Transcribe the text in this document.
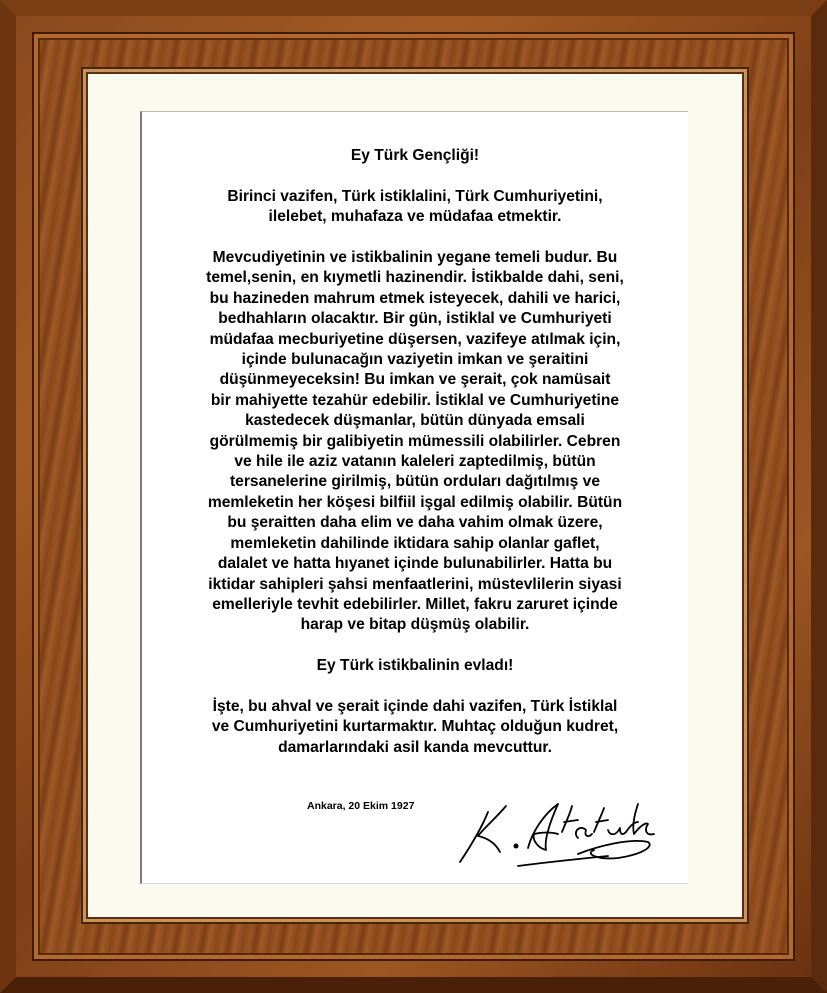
Ey Türk Gençliği!

Birinci vazifen, Türk istiklalini, Türk Cumhuriyetini,
ilelebet, muhafaza ve müdafaa etmektir.

Mevcudiyetinin ve istikbalinin yegane temeli budur. Bu
temel,senin, en kıymetli hazinendir. İstikbalde dahi, seni,
bu hazineden mahrum etmek isteyecek, dahili ve harici,
bedhahların olacaktır. Bir gün, istiklal ve Cumhuriyeti
müdafaa mecburiyetine düşersen, vazifeye atılmak için,
içinde bulunacağın vaziyetin imkan ve şeraitini
düşünmeyeceksin! Bu imkan ve şerait, çok namüsait
bir mahiyette tezahür edebilir. İstiklal ve Cumhuriyetine
kastedecek düşmanlar, bütün dünyada emsali
görülmemiş bir galibiyetin mümessili olabilirler. Cebren
ve hile ile aziz vatanın kaleleri zaptedilmiş, bütün
tersanelerine girilmiş, bütün orduları dağıtılmış ve
memleketin her köşesi bilfiil işgal edilmiş olabilir. Bütün
bu şeraitten daha elim ve daha vahim olmak üzere,
memleketin dahilinde iktidara sahip olanlar gaflet,
dalalet ve hatta hıyanet içinde bulunabilirler. Hatta bu
iktidar sahipleri şahsi menfaatlerini, müstevlilerin siyasi
emelleriyle tevhit edebilirler. Millet, fakru zaruret içinde
harap ve bitap düşmüş olabilir.

Ey Türk istikbalinin evladı!

İşte, bu ahval ve şerait içinde dahi vazifen, Türk İstiklal
ve Cumhuriyetini kurtarmaktır. Muhtaç olduğun kudret,
damarlarındaki asil kanda mevcuttur.

Ankara, 20 Ekim 1927
